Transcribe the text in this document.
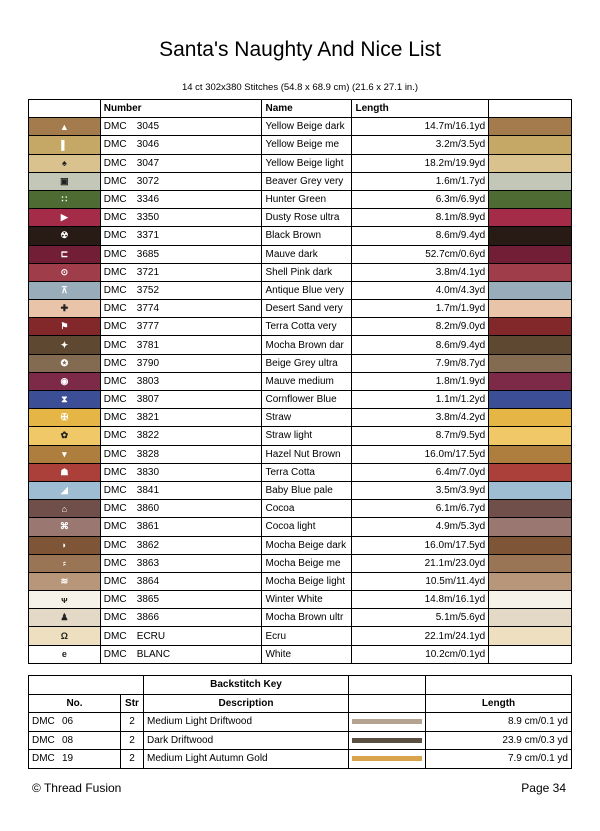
Santa's Naughty And Nice List
14 ct 302x380 Stitches (54.8 x 68.9 cm) (21.6 x 27.1 in.)
	Number	Name	Length	
▲	DMC 3045	Yellow Beige dark	14.7m/16.1yd	
▌	DMC 3046	Yellow Beige me	3.2m/3.5yd	
♠	DMC 3047	Yellow Beige light	18.2m/19.9yd	
▣	DMC 3072	Beaver Grey very	1.6m/1.7yd	
∷	DMC 3346	Hunter Green	6.3m/6.9yd	
▶	DMC 3350	Dusty Rose ultra	8.1m/8.9yd	
☢	DMC 3371	Black Brown	8.6m/9.4yd	
⊏	DMC 3685	Mauve dark	52.7cm/0.6yd	
⊙	DMC 3721	Shell Pink dark	3.8m/4.1yd	
⊼	DMC 3752	Antique Blue very	4.0m/4.3yd	
✚	DMC 3774	Desert Sand very	1.7m/1.9yd	
⚑	DMC 3777	Terra Cotta very	8.2m/9.0yd	
✦	DMC 3781	Mocha Brown dar	8.6m/9.4yd	
✪	DMC 3790	Beige Grey ultra	7.9m/8.7yd	
◉	DMC 3803	Mauve medium	1.8m/1.9yd	
⧗	DMC 3807	Cornflower Blue	1.1m/1.2yd	
✠	DMC 3821	Straw	3.8m/4.2yd	
✿	DMC 3822	Straw light	8.7m/9.5yd	
▾	DMC 3828	Hazel Nut Brown	16.0m/17.5yd	
☗	DMC 3830	Terra Cotta	6.4m/7.0yd	
◢	DMC 3841	Baby Blue pale	3.5m/3.9yd	
⌂	DMC 3860	Cocoa	6.1m/6.7yd	
⌘	DMC 3861	Cocoa light	4.9m/5.3yd	
◗	DMC 3862	Mocha Beige dark	16.0m/17.5yd	
⸗	DMC 3863	Mocha Beige me	21.1m/23.0yd	
≋	DMC 3864	Mocha Beige light	10.5m/11.4yd	
ᴪ	DMC 3865	Winter White	14.8m/16.1yd	
♟	DMC 3866	Mocha Brown ultr	5.1m/5.6yd	
Ω	DMC ECRU	Ecru	22.1m/24.1yd	
e	DMC BLANC	White	10.2cm/0.1yd	
		Backstitch Key		
No.	Str	Description		Length
DMC 06	2	Medium Light Driftwood		8.9 cm/0.1 yd
DMC 08	2	Dark Driftwood		23.9 cm/0.3 yd
DMC 19	2	Medium Light Autumn Gold		7.9 cm/0.1 yd
© Thread Fusion	Page 34
